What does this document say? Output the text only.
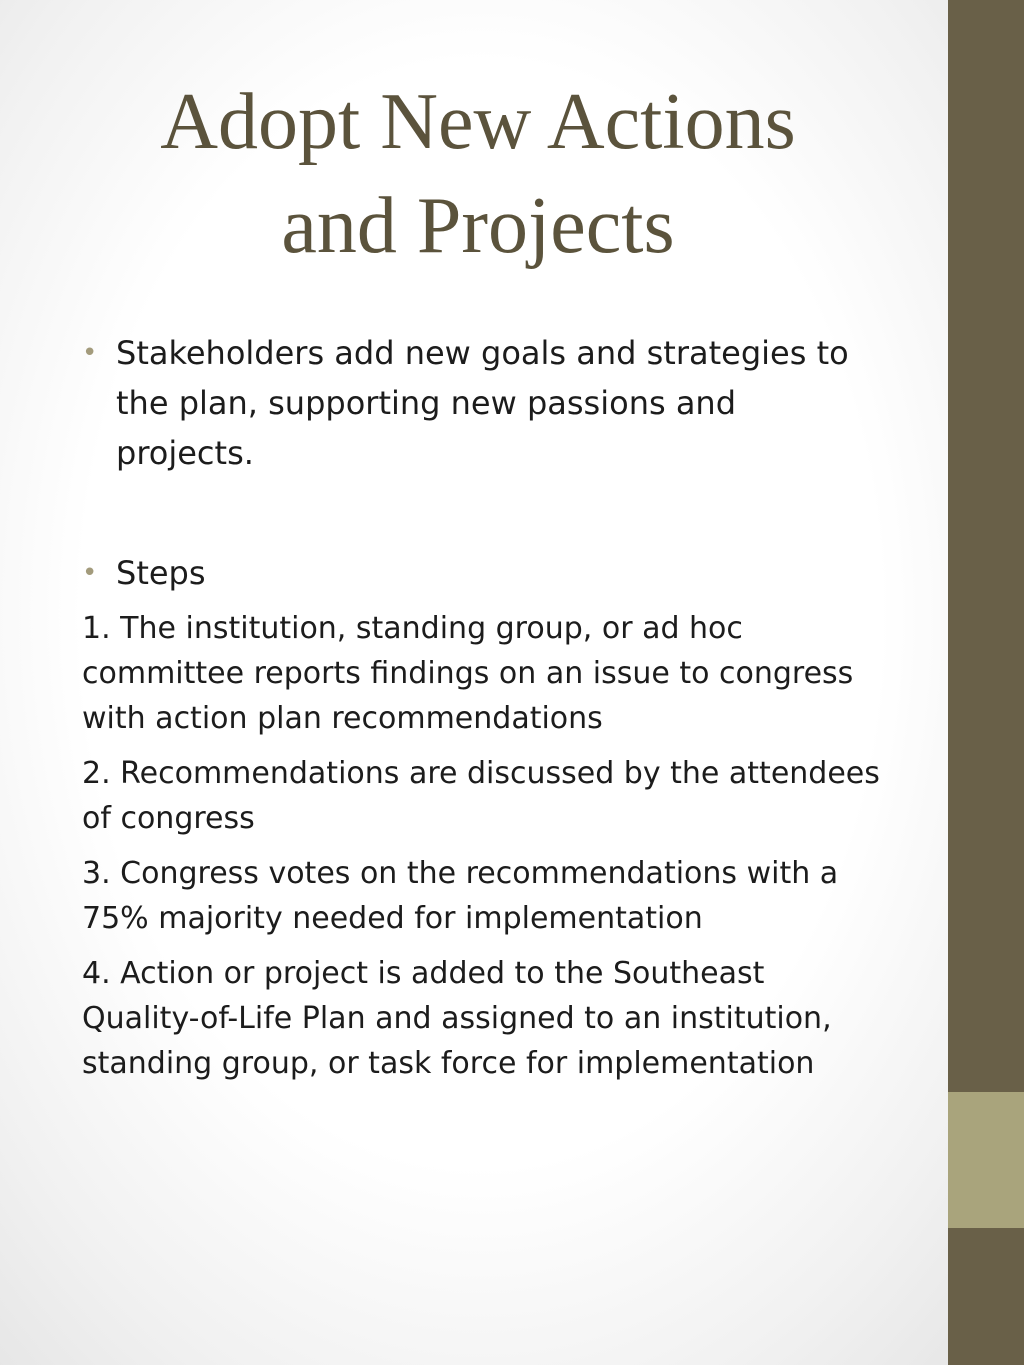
Adopt New Actions
and Projects
• Stakeholders add new goals and strategies to the plan, supporting new passions and projects.
• Steps
1. The institution, standing group, or ad hoc committee reports findings on an issue to congress with action plan recommendations
2. Recommendations are discussed by the attendees of congress
3. Congress votes on the recommendations with a 75% majority needed for implementation
4. Action or project is added to the Southeast Quality-of-Life Plan and assigned to an institution, standing group, or task force for implementation
